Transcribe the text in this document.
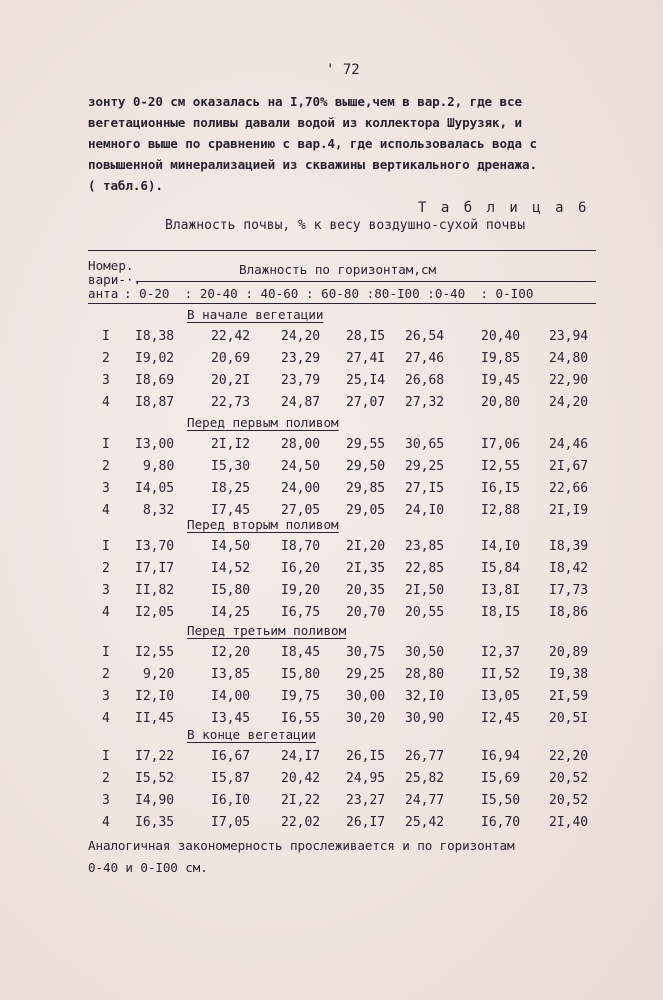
' 72
зонту 0-20 см оказалась на I,70% выше,чем в вар.2, где все
вегетационные поливы давали водой из коллектора Шурузяк, и
немного выше по сравнению с вар.4, где использовалась вода с
повышенной минерализацией из скважины вертикального дренажа.
( табл.6).
Т а б л и ц а 6
Влажность почвы, % к весу воздушно-сухой почвы
Номер.
вари-·.
анта
Влажность по горизонтам,см
: 0-20  : 20-40 : 40-60 : 60-80 :80-I00 :0-40  : 0-I00
В начале вегетации
I I8,38	22,42 24,20 28,I5 26,54	20,40 23,94
2 I9,02	20,69 23,29 27,4I 27,46	I9,85 24,80
3 I8,69	20,2I 23,79 25,I4 26,68	I9,45 22,90
4 I8,87	22,73 24,87 27,07 27,32	20,80 24,20
Перед первым поливом
I I3,00	2I,I2 28,00 29,55 30,65	I7,06 24,46
2	9,80	I5,30 24,50 29,50 29,25	I2,55 2I,67
3 I4,05	I8,25 24,00 29,85 27,I5	I6,I5 22,66
4	8,32	I7,45 27,05 29,05 24,I0	I2,88 2I,I9
Перед вторым поливом
I I3,70	I4,50 I8,70 2I,20 23,85	I4,I0 I8,39
2 I7,I7	I4,52 I6,20 2I,35 22,85	I5,84 I8,42
3 II,82	I5,80 I9,20 20,35 2I,50	I3,8I I7,73
4 I2,05	I4,25 I6,75 20,70 20,55	I8,I5 I8,86
Перед третьим поливом
I I2,55	I2,20 I8,45 30,75 30,50	I2,37 20,89
2	9,20	I3,85 I5,80 29,25 28,80	II,52 I9,38
3 I2,I0	I4,00 I9,75 30,00 32,I0	I3,05 2I,59
4 II,45	I3,45 I6,55 30,20 30,90	I2,45 20,5I
В конце вегетации
I I7,22	I6,67 24,I7 26,I5 26,77	I6,94 22,20
2 I5,52	I5,87 20,42 24,95 25,82	I5,69 20,52
3 I4,90	I6,I0 2I,22 23,27 24,77	I5,50 20,52
4 I6,35	I7,05 22,02 26,I7 25,42	I6,70 2I,40
Аналогичная закономерность прослеживается и по горизонтам
0-40 и 0-I00 см.
